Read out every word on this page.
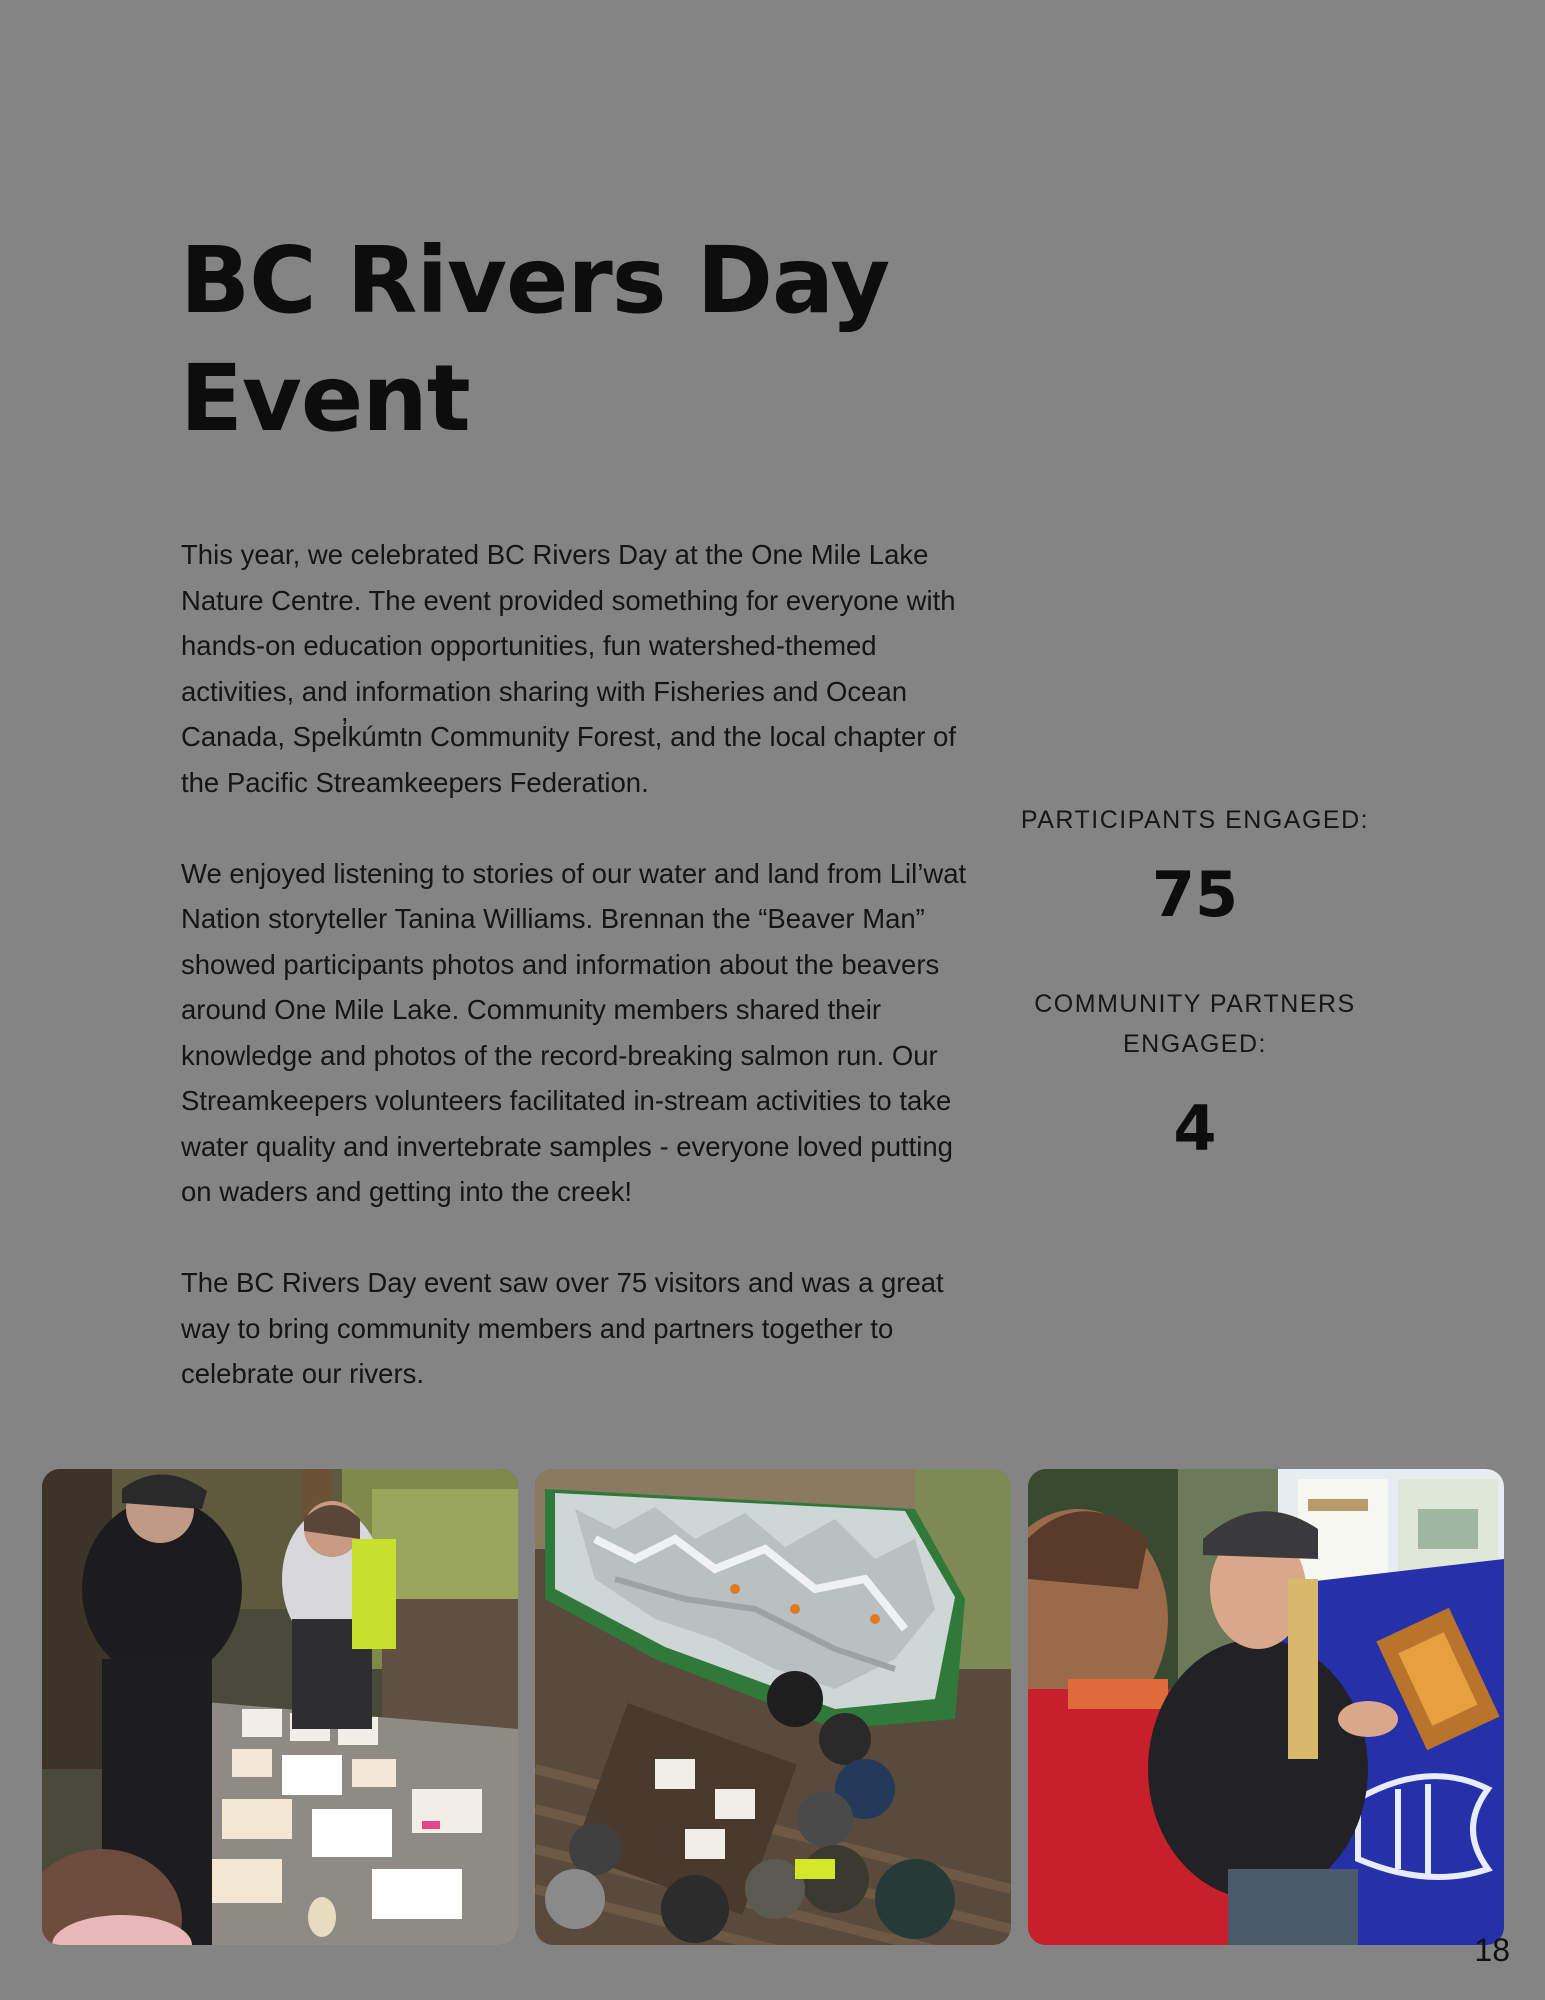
BC Rivers Day Event

This year, we celebrated BC Rivers Day at the One Mile Lake Nature Centre. The event provided something for everyone with hands-on education opportunities, fun watershed-themed activities, and information sharing with Fisheries and Ocean Canada, Spel̓kúmtn Community Forest, and the local chapter of the Pacific Streamkeepers Federation.

We enjoyed listening to stories of our water and land from Lil’wat Nation storyteller Tanina Williams. Brennan the “Beaver Man” showed participants photos and information about the beavers around One Mile Lake. Community members shared their knowledge and photos of the record-breaking salmon run. Our Streamkeepers volunteers facilitated in-stream activities to take water quality and invertebrate samples - everyone loved putting on waders and getting into the creek!

The BC Rivers Day event saw over 75 visitors and was a great way to bring community members and partners together to celebrate our rivers.

PARTICIPANTS ENGAGED:
75
COMMUNITY PARTNERS ENGAGED:
4
18
